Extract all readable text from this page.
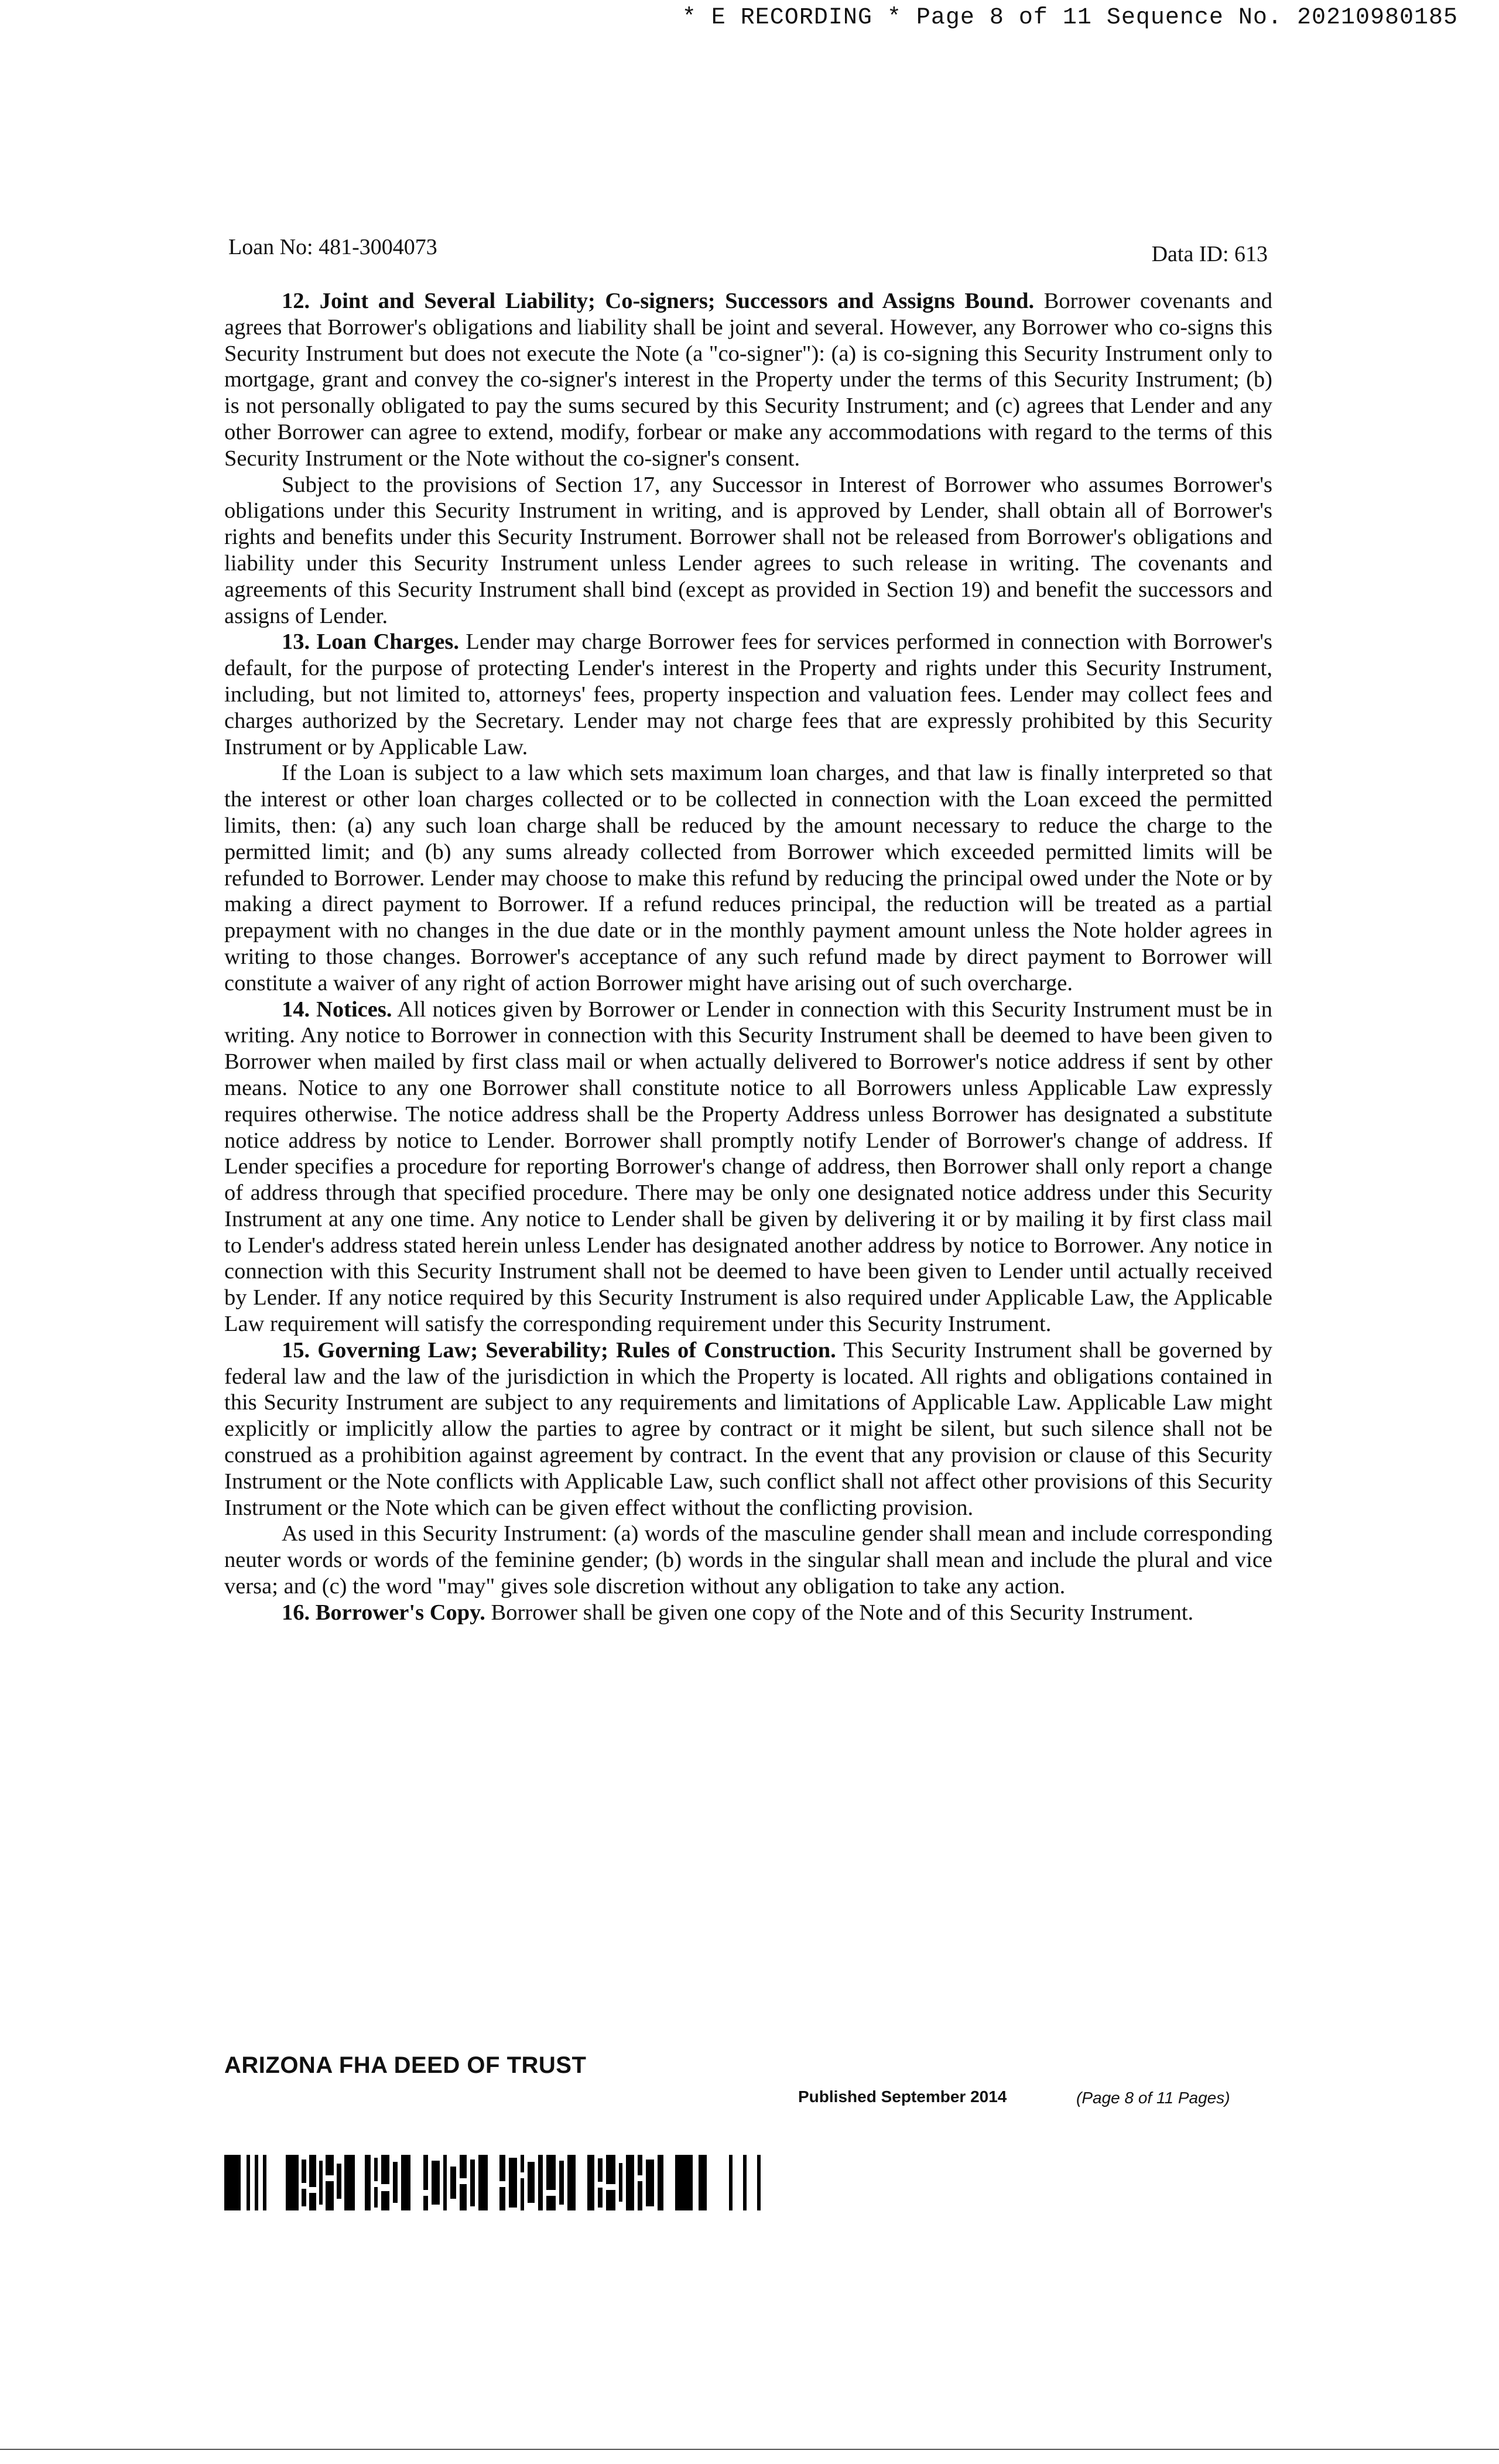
* E RECORDING * Page 8 of 11 Sequence No. 20210980185
Loan No: 481-3004073	Data ID: 613

12. Joint and Several Liability; Co-signers; Successors and Assigns Bound. Borrower covenants and agrees that Borrower's obligations and liability shall be joint and several. However, any Borrower who co-signs this Security Instrument but does not execute the Note (a "co-signer"): (a) is co-signing this Security Instrument only to mortgage, grant and convey the co-signer's interest in the Property under the terms of this Security Instrument; (b) is not personally obligated to pay the sums secured by this Security Instrument; and (c) agrees that Lender and any other Borrower can agree to extend, modify, forbear or make any accommodations with regard to the terms of this Security Instrument or the Note without the co-signer's consent.

Subject to the provisions of Section 17, any Successor in Interest of Borrower who assumes Borrower's obligations under this Security Instrument in writing, and is approved by Lender, shall obtain all of Borrower's rights and benefits under this Security Instrument. Borrower shall not be released from Borrower's obligations and liability under this Security Instrument unless Lender agrees to such release in writing. The covenants and agreements of this Security Instrument shall bind (except as provided in Section 19) and benefit the successors and assigns of Lender.

13. Loan Charges. Lender may charge Borrower fees for services performed in connection with Borrower's default, for the purpose of protecting Lender's interest in the Property and rights under this Security Instrument, including, but not limited to, attorneys' fees, property inspection and valuation fees. Lender may collect fees and charges authorized by the Secretary. Lender may not charge fees that are expressly prohibited by this Security Instrument or by Applicable Law.

If the Loan is subject to a law which sets maximum loan charges, and that law is finally interpreted so that the interest or other loan charges collected or to be collected in connection with the Loan exceed the permitted limits, then: (a) any such loan charge shall be reduced by the amount necessary to reduce the charge to the permitted limit; and (b) any sums already collected from Borrower which exceeded permitted limits will be refunded to Borrower. Lender may choose to make this refund by reducing the principal owed under the Note or by making a direct payment to Borrower. If a refund reduces principal, the reduction will be treated as a partial prepayment with no changes in the due date or in the monthly payment amount unless the Note holder agrees in writing to those changes. Borrower's acceptance of any such refund made by direct payment to Borrower will constitute a waiver of any right of action Borrower might have arising out of such overcharge.

14. Notices. All notices given by Borrower or Lender in connection with this Security Instrument must be in writing. Any notice to Borrower in connection with this Security Instrument shall be deemed to have been given to Borrower when mailed by first class mail or when actually delivered to Borrower's notice address if sent by other means. Notice to any one Borrower shall constitute notice to all Borrowers unless Applicable Law expressly requires otherwise. The notice address shall be the Property Address unless Borrower has designated a substitute notice address by notice to Lender. Borrower shall promptly notify Lender of Borrower's change of address. If Lender specifies a procedure for reporting Borrower's change of address, then Borrower shall only report a change of address through that specified procedure. There may be only one designated notice address under this Security Instrument at any one time. Any notice to Lender shall be given by delivering it or by mailing it by first class mail to Lender's address stated herein unless Lender has designated another address by notice to Borrower. Any notice in connection with this Security Instrument shall not be deemed to have been given to Lender until actually received by Lender. If any notice required by this Security Instrument is also required under Applicable Law, the Applicable Law requirement will satisfy the corresponding requirement under this Security Instrument.

15. Governing Law; Severability; Rules of Construction. This Security Instrument shall be governed by federal law and the law of the jurisdiction in which the Property is located. All rights and obligations contained in this Security Instrument are subject to any requirements and limitations of Applicable Law. Applicable Law might explicitly or implicitly allow the parties to agree by contract or it might be silent, but such silence shall not be construed as a prohibition against agreement by contract. In the event that any provision or clause of this Security Instrument or the Note conflicts with Applicable Law, such conflict shall not affect other provisions of this Security Instrument or the Note which can be given effect without the conflicting provision.

As used in this Security Instrument: (a) words of the masculine gender shall mean and include corresponding neuter words or words of the feminine gender; (b) words in the singular shall mean and include the plural and vice versa; and (c) the word "may" gives sole discretion without any obligation to take any action.

16. Borrower's Copy. Borrower shall be given one copy of the Note and of this Security Instrument.

ARIZONA FHA DEED OF TRUST
Published September 2014	(Page 8 of 11 Pages)
